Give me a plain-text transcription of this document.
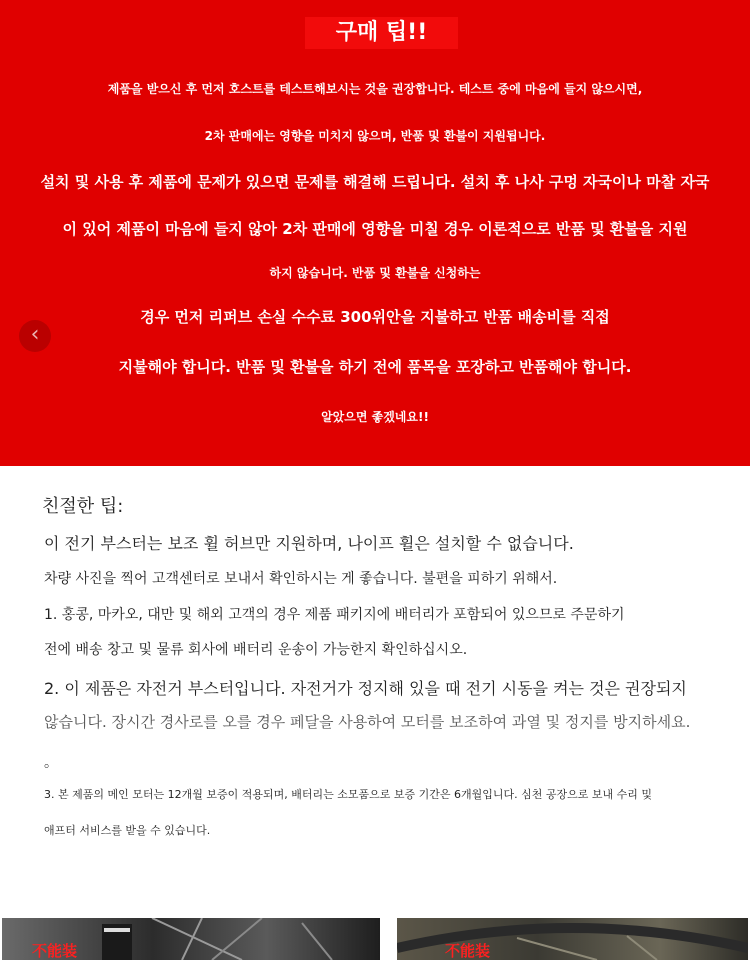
구매 팁!!
제품을 받으신 후 먼저 호스트를 테스트해보시는 것을 권장합니다. 테스트 중에 마음에 들지 않으시면,
2차 판매에는 영향을 미치지 않으며, 반품 및 환불이 지원됩니다.
설치 및 사용 후 제품에 문제가 있으면 문제를 해결해 드립니다. 설치 후 나사 구멍 자국이나 마찰 자국
이 있어 제품이 마음에 들지 않아 2차 판매에 영향을 미칠 경우 이론적으로 반품 및 환불을 지원
하지 않습니다. 반품 및 환불을 신청하는
경우 먼저 리퍼브 손실 수수료 300위안을 지불하고 반품 배송비를 직접
지불해야 합니다. 반품 및 환불을 하기 전에 품목을 포장하고 반품해야 합니다.
알았으면 좋겠네요!!
‹
친절한 팁:
이 전기 부스터는 보조 휠 허브만 지원하며, 나이프 휠은 설치할 수 없습니다.
차량 사진을 찍어 고객센터로 보내서 확인하시는 게 좋습니다. 불편을 피하기 위해서.
1. 홍콩, 마카오, 대만 및 해외 고객의 경우 제품 패키지에 배터리가 포함되어 있으므로 주문하기
전에 배송 창고 및 물류 회사에 배터리 운송이 가능한지 확인하십시오.
2. 이 제품은 자전거 부스터입니다. 자전거가 정지해 있을 때 전기 시동을 켜는 것은 권장되지
않습니다. 장시간 경사로를 오를 경우 페달을 사용하여 모터를 보조하여 과열 및 정지를 방지하세요.
。
3. 본 제품의 메인 모터는 12개월 보증이 적용되며, 배터리는 소모품으로 보증 기간은 6개월입니다. 심천 공장으로 보내 수리 및
애프터 서비스를 받을 수 있습니다.
不能装	不能装
